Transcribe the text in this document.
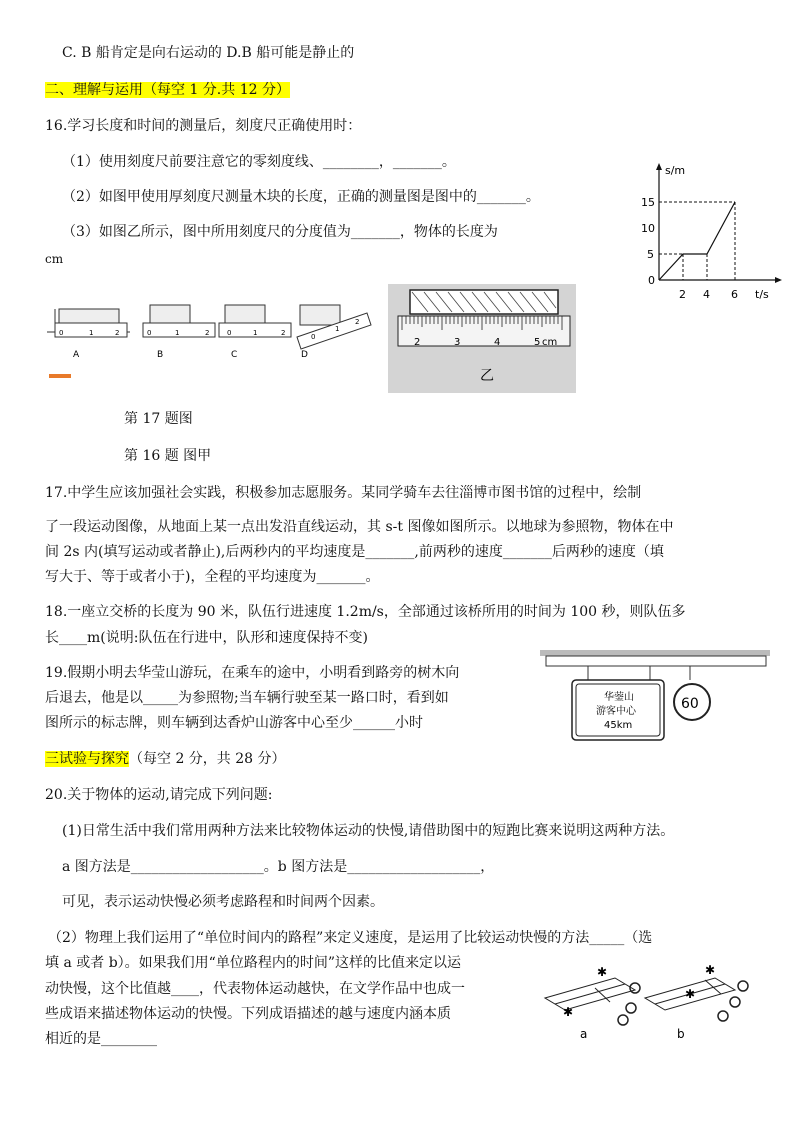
C. B 船肯定是向右运动的 D.B 船可能是静止的
二、理解与运用（每空 1 分.共 12 分）
16.学习长度和时间的测量后，刻度尺正确使用时：
（1）使用刻度尺前要注意它的零刻度线、________，_______。
（2）如图甲使用厚刻度尺测量木块的长度，正确的测量图是图中的_______。
（3）如图乙所示，图中所用刻度尺的分度值为_______，物体的长度为
cm
s/m
t/s
0
5
10
15
2 4 6
0	1	2
A
0	1	2
B
0	1	2
C
0
1
2
D
2	3	4	5 cm
乙
第 17 题图
第 16 题 图甲
17.中学生应该加强社会实践，积极参加志愿服务。某同学骑车去往淄博市图书馆的过程中，绘制
了一段运动图像，从地面上某一点出发沿直线运动，其 s-t 图像如图所示。以地球为参照物，物体在中
间 2s 内(填写运动或者静止),后两秒内的平均速度是_______,前两秒的速度_______后两秒的速度（填
写大于、等于或者小于)，全程的平均速度为_______。
18.一座立交桥的长度为 90 米，队伍行进速度 1.2m/s，全部通过该桥所用的时间为 100 秒，则队伍多
长____m(说明:队伍在行进中，队形和速度保持不变)
19.假期小明去华莹山游玩，在乘车的途中，小明看到路旁的树木向
后退去，他是以_____为参照物;当车辆行驶至某一路口时，看到如
图所示的标志牌，则车辆到达香炉山游客中心至少______小时
华蓥山
游客中心
45km
60
三试验与探究（每空 2 分，共 28 分）
20.关于物体的运动,请完成下列问题:
(1)日常生活中我们常用两种方法来比较物体运动的快慢,请借助图中的短跑比赛来说明这两种方法。
a 图方法是___________________。b 图方法是___________________，
可见，表示运动快慢必须考虑路程和时间两个因素。
（2）物理上我们运用了“单位时间内的路程”来定义速度，是运用了比较运动快慢的方法_____（选
填 a 或者 b）。如果我们用“单位路程内的时间”这样的比值来定以运
动快慢，这个比值越____，代表物体运动越快，在文学作品中也成一
些成语来描述物体运动的快慢。下列成语描述的越与速度内涵本质
相近的是________
✱
✱
✱
✱
a	b
